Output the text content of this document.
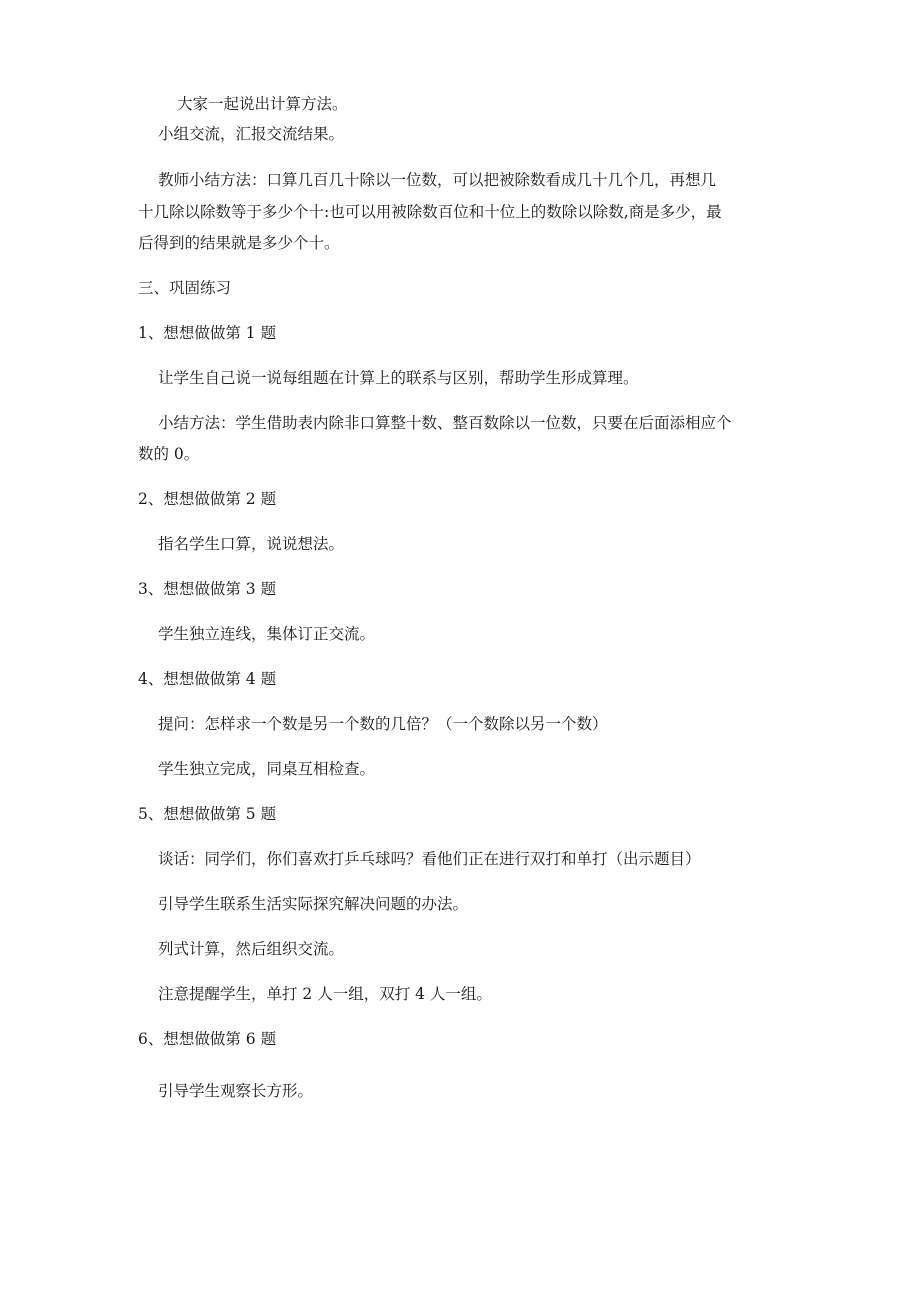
大家一起说出计算方法。
小组交流，汇报交流结果。
教师小结方法：口算几百几十除以一位数，可以把被除数看成几十几个几，再想几
十几除以除数等于多少个十:也可以用被除数百位和十位上的数除以除数,商是多少，最
后得到的结果就是多少个十。
三、巩固练习
1、想想做做第 1 题
让学生自己说一说每组题在计算上的联系与区别，帮助学生形成算理。
小结方法：学生借助表内除非口算整十数、整百数除以一位数，只要在后面添相应个
数的 0。
2、想想做做第 2 题
指名学生口算，说说想法。
3、想想做做第 3 题
学生独立连线，集体订正交流。
4、想想做做第 4 题
提问：怎样求一个数是另一个数的几倍？（一个数除以另一个数）
学生独立完成，同桌互相检查。
5、想想做做第 5 题
谈话：同学们，你们喜欢打乒乓球吗？看他们正在进行双打和单打（出示题目）
引导学生联系生活实际探究解决问题的办法。
列式计算，然后组织交流。
注意提醒学生，单打 2 人一组，双打 4 人一组。
6、想想做做第 6 题
引导学生观察长方形。
